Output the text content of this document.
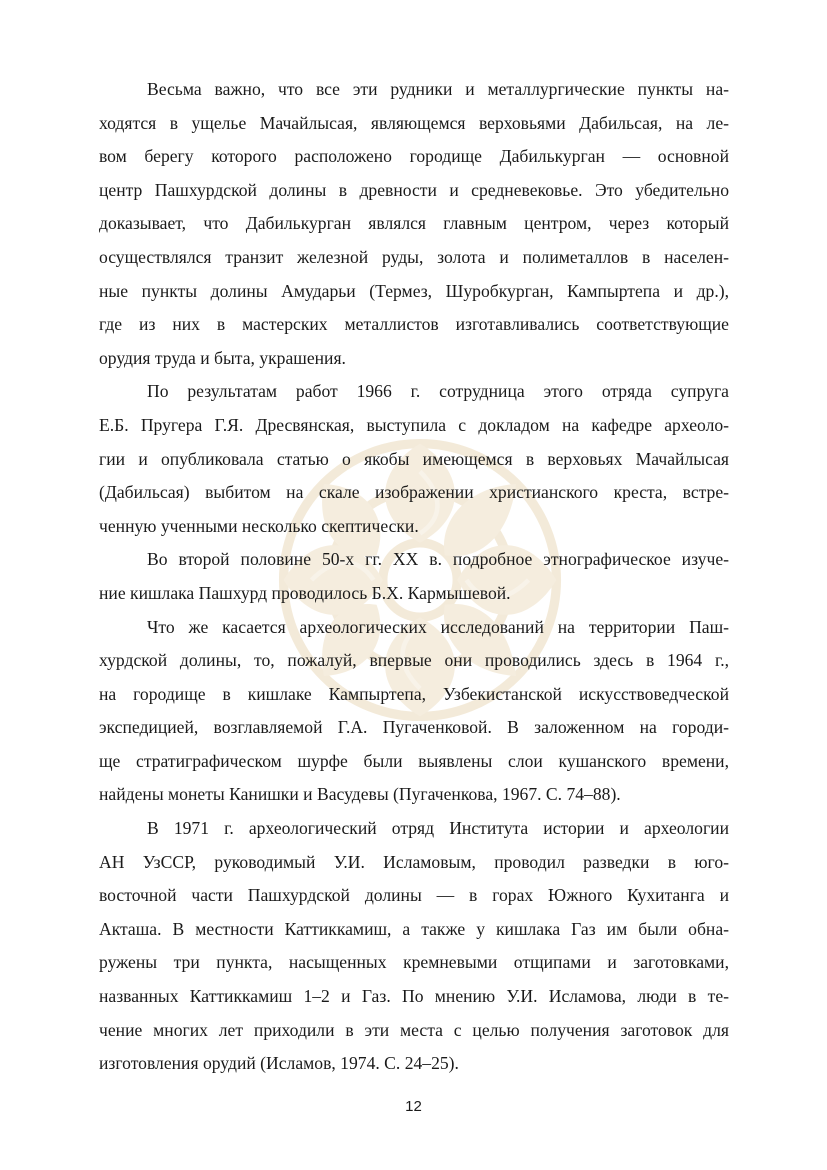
Весьма важно, что все эти рудники и металлургические пункты на-
ходятся в ущелье Мачайлысая, являющемся верховьями Дабильсая, на ле-
вом берегу которого расположено городище Дабилькурган — основной
центр Пашхурдской долины в древности и средневековье. Это убедительно
доказывает, что Дабилькурган являлся главным центром, через который
осуществлялся транзит железной руды, золота и полиметаллов в населен-
ные пункты долины Амударьи (Термез, Шуробкурган, Кампыртепа и др.),
где из них в мастерских металлистов изготавливались соответствующие
орудия труда и быта, украшения.
По результатам работ 1966 г. сотрудница этого отряда супруга
Е.Б. Пругера Г.Я. Дресвянская, выступила с докладом на кафедре археоло-
гии и опубликовала статью о якобы имеющемся в верховьях Мачайлысая
(Дабильсая) выбитом на скале изображении христианского креста, встре-
ченную ученными несколько скептически.
Во второй половине 50-х гг. XX в. подробное этнографическое изуче-
ние кишлака Пашхурд проводилось Б.Х. Кармышевой.
Что же касается археологических исследований на территории Паш-
хурдской долины, то, пожалуй, впервые они проводились здесь в 1964 г.,
на городище в кишлаке Кампыртепа, Узбекистанской искусствоведческой
экспедицией, возглавляемой Г.А. Пугаченковой. В заложенном на городи-
ще стратиграфическом шурфе были выявлены слои кушанского времени,
найдены монеты Канишки и Васудевы (Пугаченкова, 1967. С. 74–88).
В 1971 г. археологический отряд Института истории и археологии
АН УзССР, руководимый У.И. Исламовым, проводил разведки в юго-
восточной части Пашхурдской долины — в горах Южного Кухитанга и
Акташа. В местности Каттиккамиш, а также у кишлака Газ им были обна-
ружены три пункта, насыщенных кремневыми отщипами и заготовками,
названных Каттиккамиш 1–2 и Газ. По мнению У.И. Исламова, люди в те-
чение многих лет приходили в эти места с целью получения заготовок для
изготовления орудий (Исламов, 1974. С. 24–25).
12
